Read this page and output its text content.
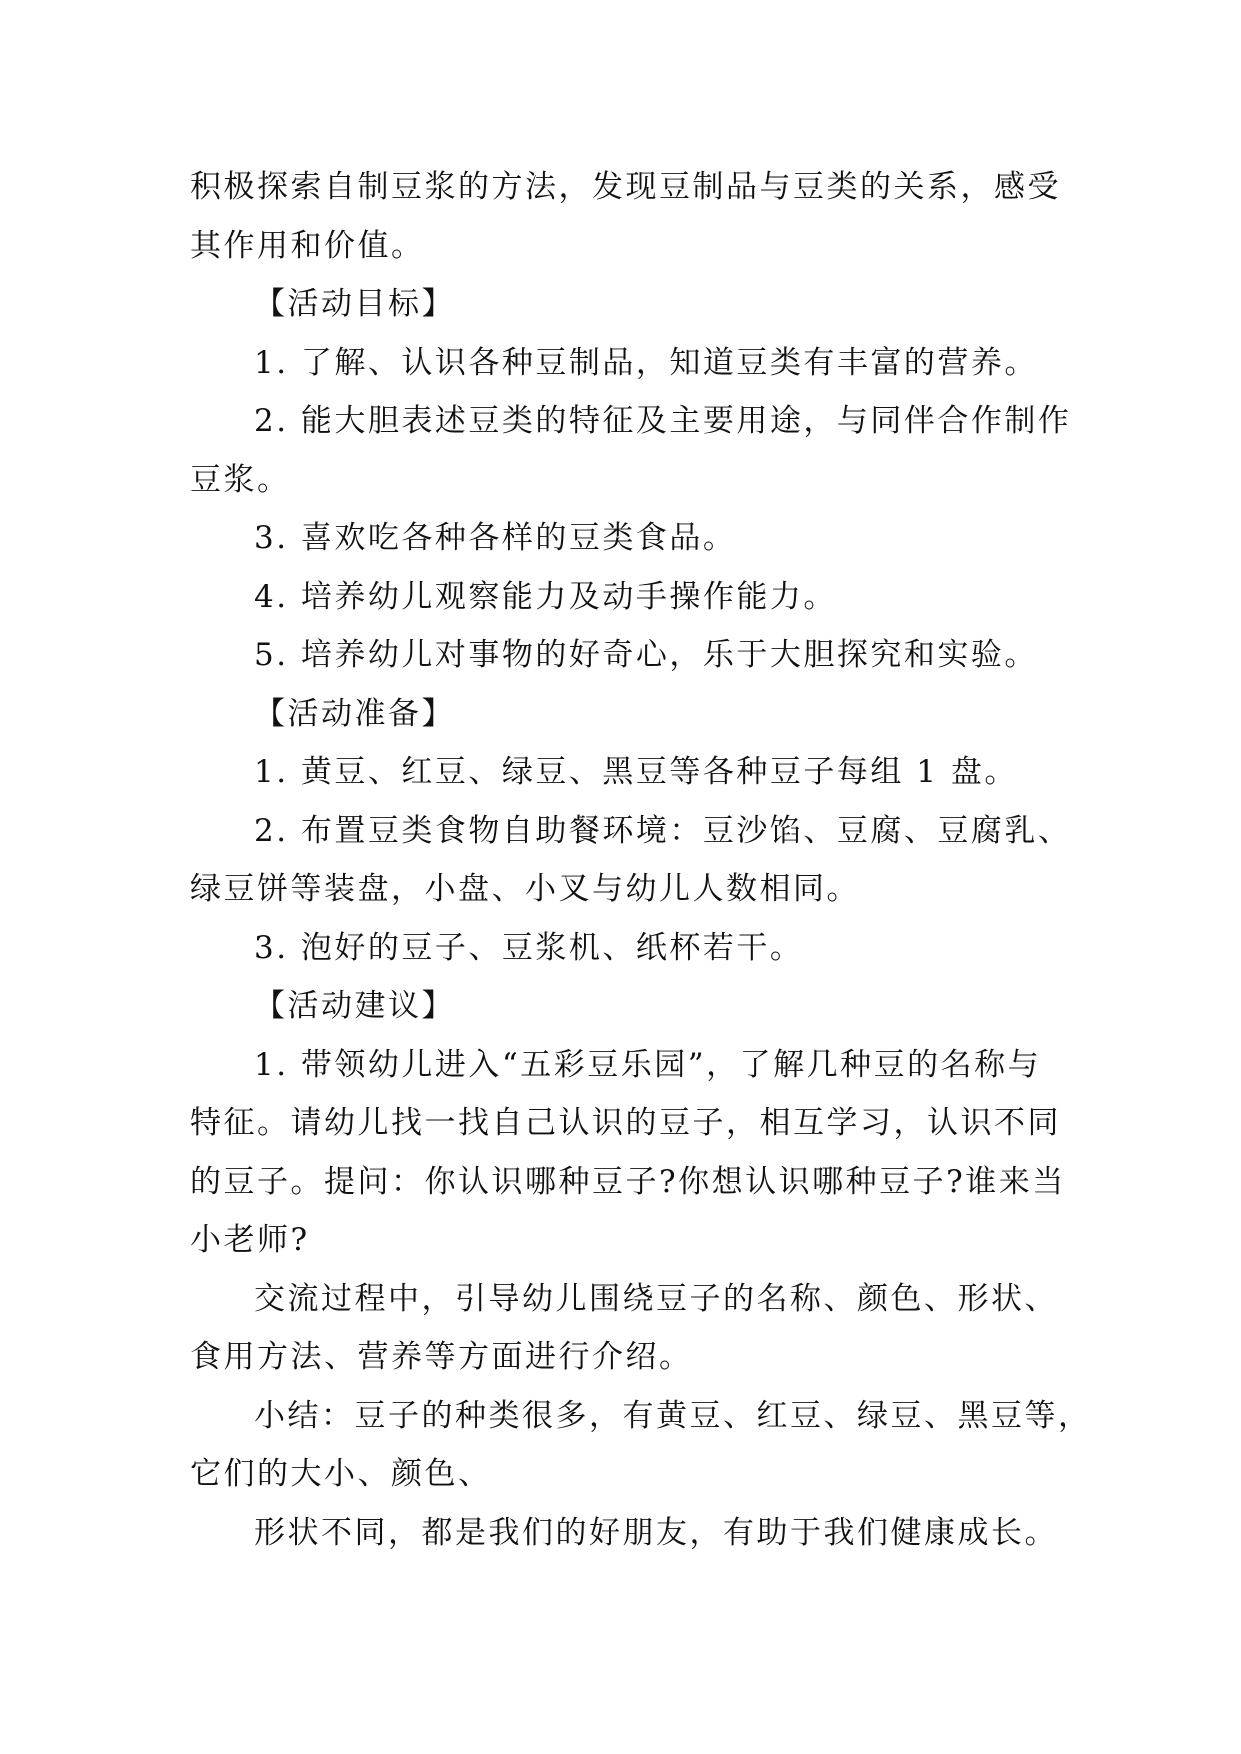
积极探索自制豆浆的方法，发现豆制品与豆类的关系，感受

其作用和价值。

【活动目标】

1. 了解、认识各种豆制品，知道豆类有丰富的营养。

2. 能大胆表述豆类的特征及主要用途，与同伴合作制作

豆浆。

3. 喜欢吃各种各样的豆类食品。

4. 培养幼儿观察能力及动手操作能力。

5. 培养幼儿对事物的好奇心，乐于大胆探究和实验。

【活动准备】

1. 黄豆、红豆、绿豆、黑豆等各种豆子每组 1 盘。

2. 布置豆类食物自助餐环境：豆沙馅、豆腐、豆腐乳、

绿豆饼等装盘，小盘、小叉与幼儿人数相同。

3. 泡好的豆子、豆浆机、纸杯若干。

【活动建议】

1. 带领幼儿进入“五彩豆乐园”，了解几种豆的名称与

特征。请幼儿找一找自己认识的豆子，相互学习，认识不同

的豆子。提问：你认识哪种豆子?你想认识哪种豆子?谁来当

小老师?

交流过程中，引导幼儿围绕豆子的名称、颜色、形状、

食用方法、营养等方面进行介绍。

小结：豆子的种类很多，有黄豆、红豆、绿豆、黑豆等，

它们的大小、颜色、

形状不同，都是我们的好朋友，有助于我们健康成长。
